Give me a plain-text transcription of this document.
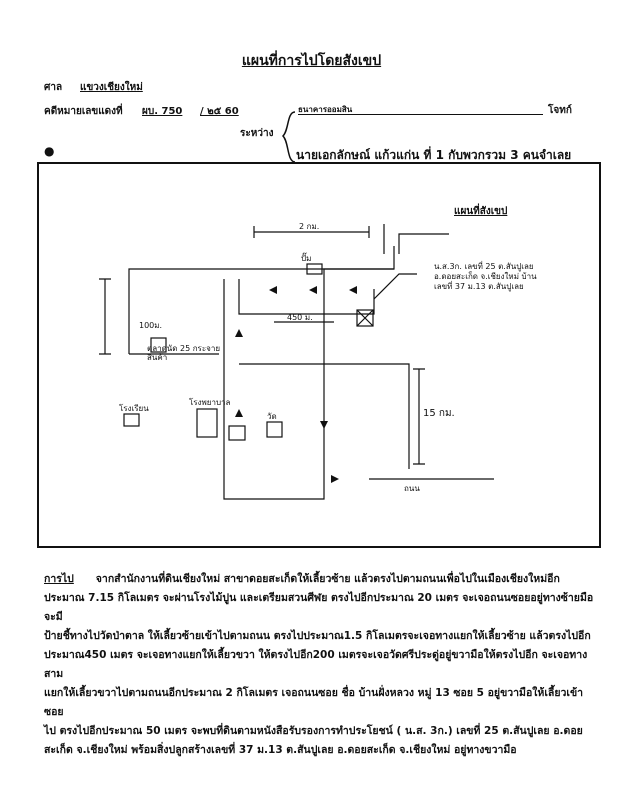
แผนที่การไปโดยสังเขป
ศาล แขวงเชียงใหม่
คดีหมายเลขแดงที่ ผบ. 750 / ๒๕ 60	ธนาคารออมสิน	โจทก์
ระหว่าง
●	นายเอกลักษณ์ แก้วแก่น ที่ 1 กับพวกรวม 3 คนจำเลย
แผนที่สังเขป
2 กม.
450 ม.
100ม.
15 กม.
ปั๊ม
ตลาดนัด 25 กระจายสินค้า
โรงพยาบาล
โรงเรียน
วัด
น.ส.3ก. เลขที่ 25 ต.สันปูเลย อ.ดอยสะเก็ด จ.เชียงใหม่ บ้านเลขที่ 37 ม.13 ต.สันปูเลย
ถนน
การไป จากสำนักงานที่ดินเชียงใหม่ สาขาดอยสะเก็ดให้เลี้ยวซ้าย แล้วตรงไปตามถนนเพื่อไปในเมืองเชียงใหม่อีก
ประมาณ 7.15 กิโลเมตร จะผ่านโรงไม้ปูน และเตรียมสวนศีฬย ตรงไปอีกประมาณ 20 เมตร จะเจอถนนซอยอยู่ทางซ้ายมือ จะมี
ป้ายชี้ทางไปวัดป่าตาล ให้เลี้ยวซ้ายเข้าไปตามถนน ตรงไปประมาณ1.5 กิโลเมตรจะเจอทางแยกให้เลี้ยวซ้าย แล้วตรงไปอีก
ประมาณ450 เมตร จะเจอทางแยกให้เลี้ยวขวา ให้ตรงไปอีก200 เมตรจะเจอวัดศรีประดู่อยู่ขวามือให้ตรงไปอีก จะเจอทางสาม
แยกให้เลี้ยวขวาไปตามถนนอีกประมาณ 2 กิโลเมตร เจอถนนซอย ชื่อ บ้านฝั่งหลวง หมู่ 13 ซอย 5 อยู่ขวามือให้เลี้ยวเข้าซอย
ไป ตรงไปอีกประมาณ 50 เมตร จะพบที่ดินตามหนังสือรับรองการทำประโยชน์ ( น.ส. 3ก.) เลขที่ 25 ต.สันปูเลย อ.ดอย
สะเก็ด จ.เชียงใหม่ พร้อมสิ่งปลูกสร้างเลขที่ 37 ม.13 ต.สันปูเลย อ.ดอยสะเก็ด จ.เชียงใหม่ อยู่ทางขวามือ
